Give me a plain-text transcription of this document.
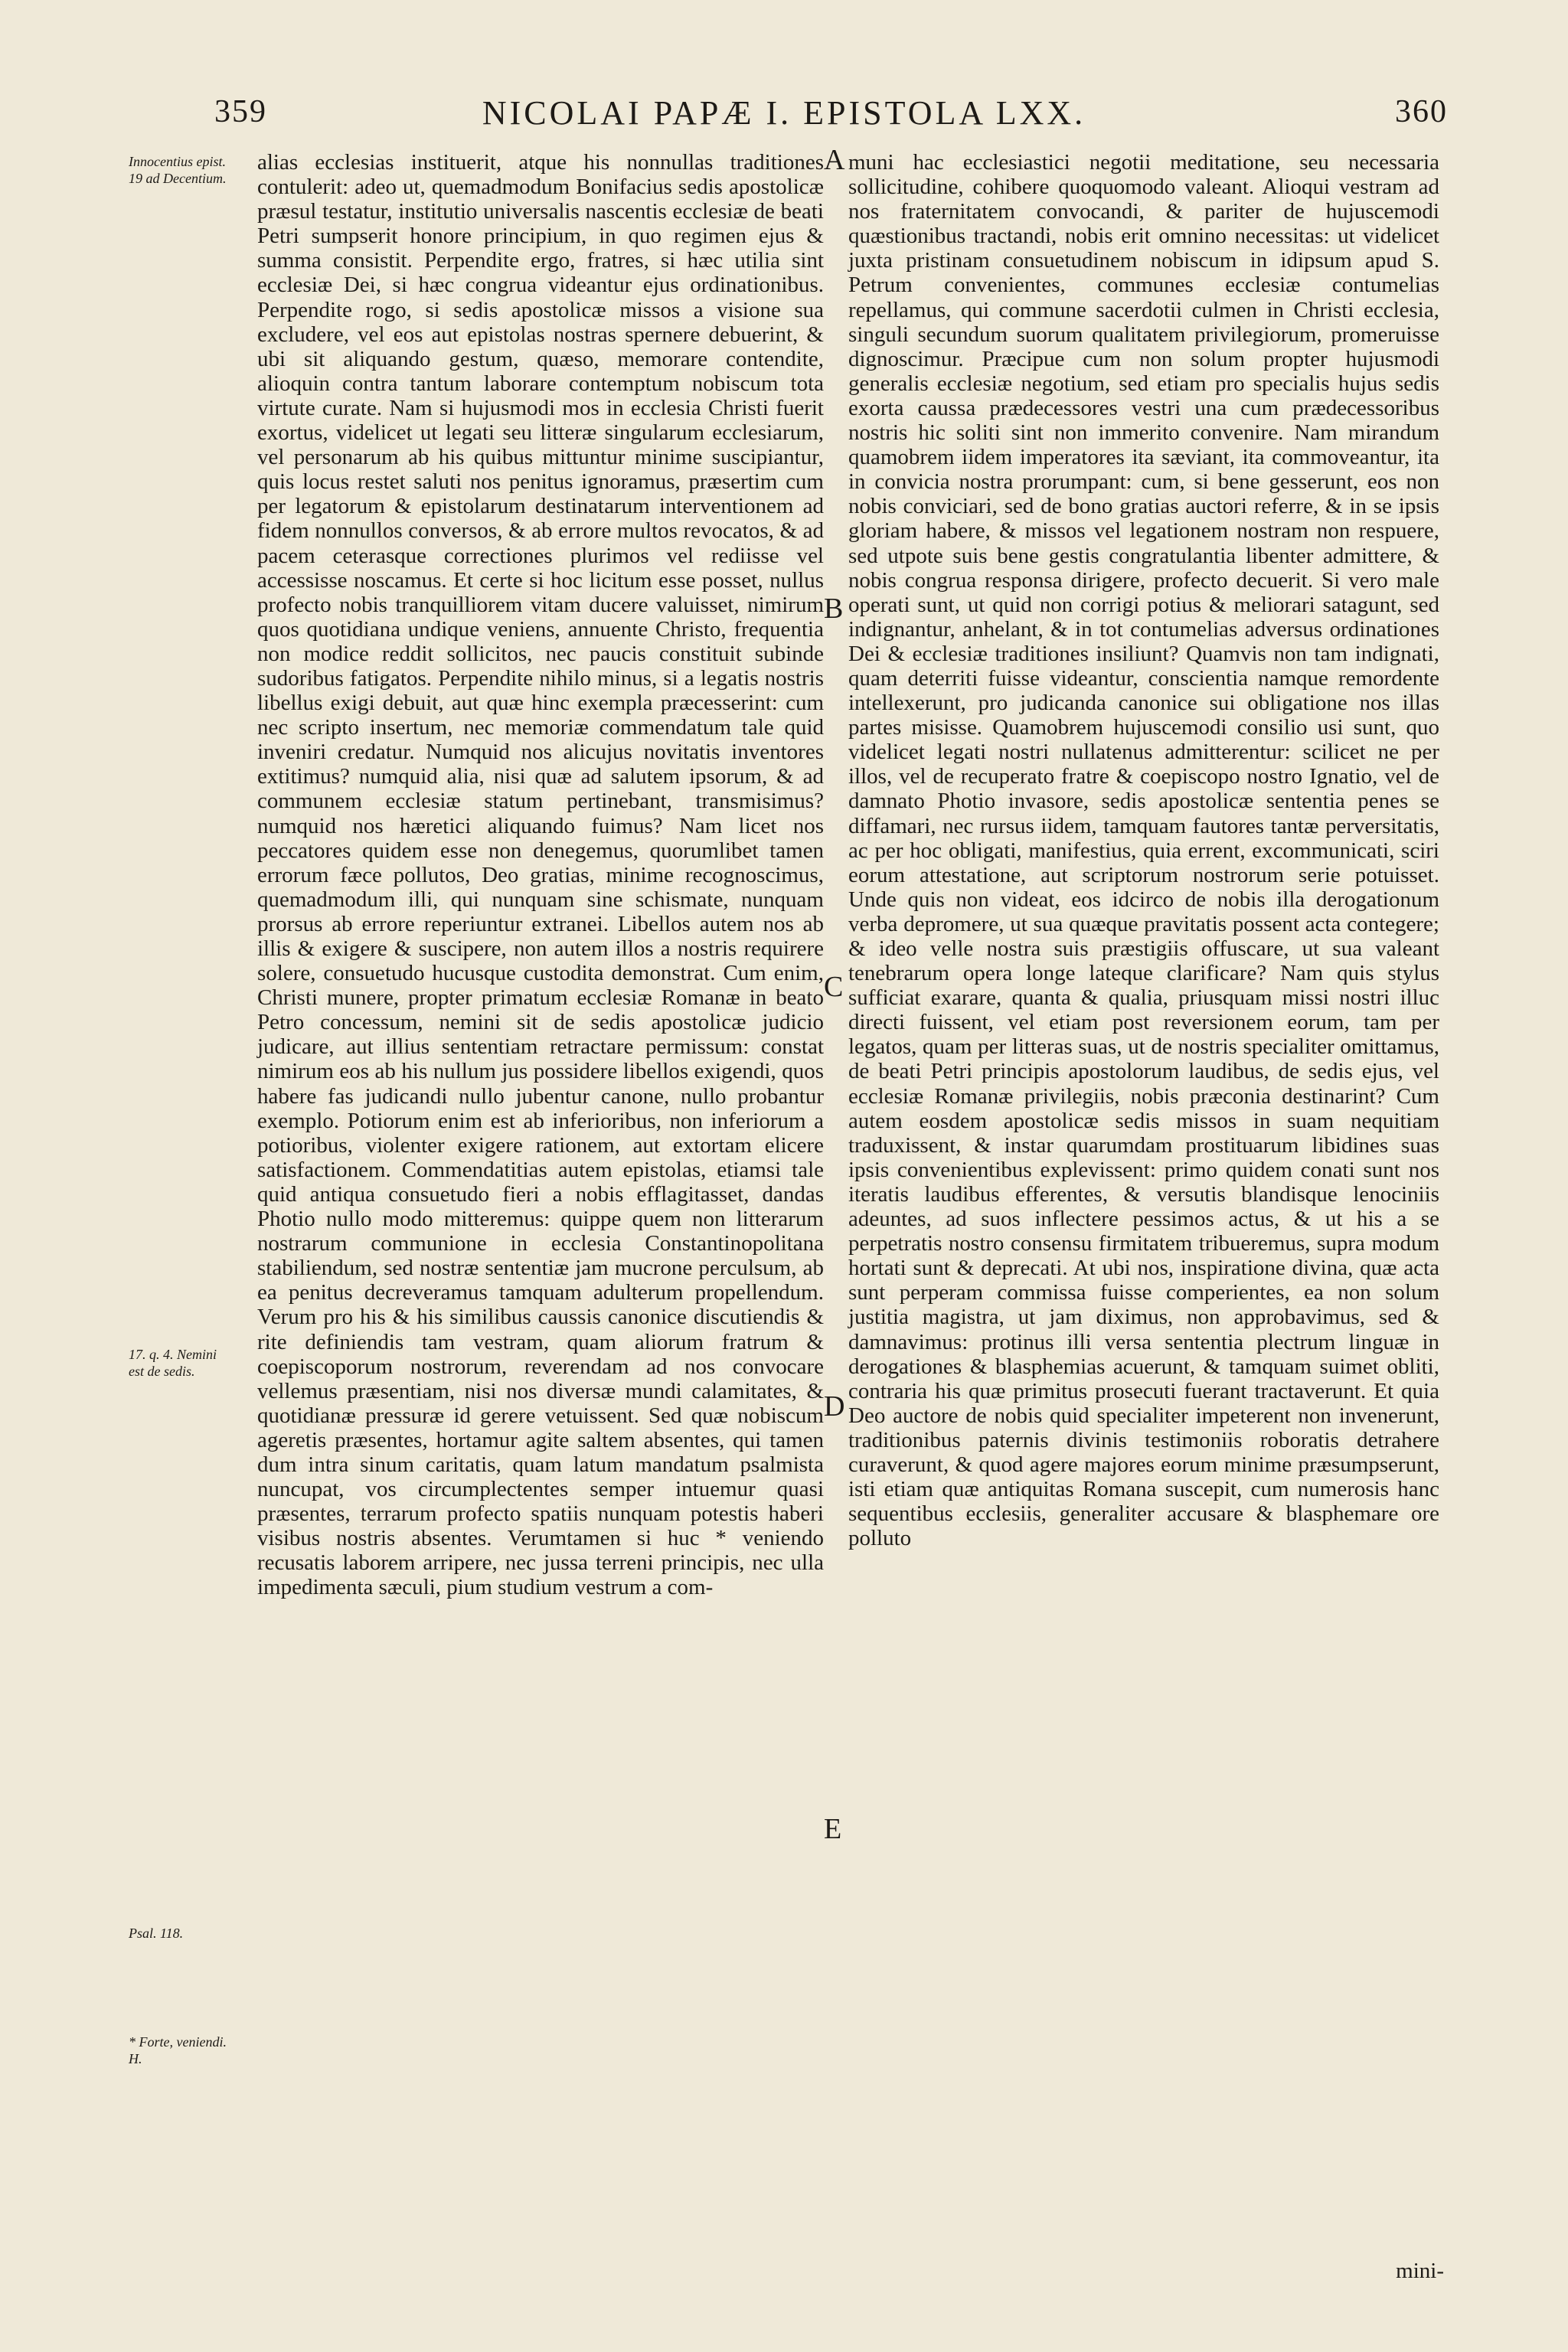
359	NICOLAI PAPÆ I. EPISTOLA LXX.	360
Innocentius epist. 19 ad Decentium.
17. q. 4. Nemini est de sedis.
Psal. 118.
* Forte, veniendi. H.

alias ecclesias instituerit, atque his nonnullas traditiones contulerit: adeo ut, quemadmodum Bonifacius sedis apostolicæ præsul testatur, institutio universalis nascentis ecclesiæ de beati Petri sumpserit honore principium, in quo regimen ejus & summa consistit. Perpendite ergo, fratres, si hæc utilia sint ecclesiæ Dei, si hæc congrua videantur ejus ordinationibus. Perpendite rogo, si sedis apostolicæ missos a visione sua excludere, vel eos aut epistolas nostras spernere debuerint, & ubi sit aliquando gestum, quæso, memorare contendite, alioquin contra tantum laborare contemptum nobiscum tota virtute curate. Nam si hujusmodi mos in ecclesia Christi fuerit exortus, videlicet ut legati seu litteræ singularum ecclesiarum, vel personarum ab his quibus mittuntur minime suscipiantur, quis locus restet saluti nos penitus ignoramus, præsertim cum per legatorum & epistolarum destinatarum interventionem ad fidem nonnullos conversos, & ab errore multos revocatos, & ad pacem ceterasque correctiones plurimos vel rediisse vel accessisse noscamus. Et certe si hoc licitum esse posset, nullus profecto nobis tranquilliorem vitam ducere valuisset, nimirum quos quotidiana undique veniens, annuente Christo, frequentia non modice reddit sollicitos, nec paucis constituit subinde sudoribus fatigatos. Perpendite nihilo minus, si a legatis nostris libellus exigi debuit, aut quæ hinc exempla præcesserint: cum nec scripto insertum, nec memoriæ commendatum tale quid inveniri credatur. Numquid nos alicujus novitatis inventores extitimus? numquid alia, nisi quæ ad salutem ipsorum, & ad communem ecclesiæ statum pertinebant, transmisimus? numquid nos hæretici aliquando fuimus? Nam licet nos peccatores quidem esse non denegemus, quorumlibet tamen errorum fæce pollutos, Deo gratias, minime recognoscimus, quemadmodum illi, qui nunquam sine schismate, nunquam prorsus ab errore reperiuntur extranei. Libellos autem nos ab illis & exigere & suscipere, non autem illos a nostris requirere solere, consuetudo hucusque custodita demonstrat. Cum enim, Christi munere, propter primatum ecclesiæ Romanæ in beato Petro concessum, nemini sit de sedis apostolicæ judicio judicare, aut illius sententiam retractare permissum: constat nimirum eos ab his nullum jus possidere libellos exigendi, quos habere fas judicandi nullo jubentur canone, nullo probantur exemplo. Potiorum enim est ab inferioribus, non inferiorum a potioribus, violenter exigere rationem, aut extortam elicere satisfactionem. Commendatitias autem epistolas, etiamsi tale quid antiqua consuetudo fieri a nobis efflagitasset, dandas Photio nullo modo mitteremus: quippe quem non litterarum nostrarum communione in ecclesia Constantinopolitana stabiliendum, sed nostræ sententiæ jam mucrone perculsum, ab ea penitus decreveramus tamquam adulterum propellendum. Verum pro his & his similibus caussis canonice discutiendis & rite definiendis tam vestram, quam aliorum fratrum & coepiscoporum nostrorum, reverendam ad nos convocare vellemus præsentiam, nisi nos diversæ mundi calamitates, & quotidianæ pressuræ id gerere vetuissent. Sed quæ nobiscum ageretis præsentes, hortamur agite saltem absentes, qui tamen dum intra sinum caritatis, quam latum mandatum psalmista nuncupat, vos circumplectentes semper intuemur quasi præsentes, terrarum profecto spatiis nunquam potestis haberi visibus nostris absentes. Verumtamen si huc * veniendo recusatis laborem arripere, nec jussa terreni principis, nec ulla impedimenta sæculi, pium studium vestrum a com-

A
B
C
D
E

muni hac ecclesiastici negotii meditatione, seu necessaria sollicitudine, cohibere quoquomodo valeant. Alioqui vestram ad nos fraternitatem convocandi, & pariter de hujuscemodi quæstionibus tractandi, nobis erit omnino necessitas: ut videlicet juxta pristinam consuetudinem nobiscum in idipsum apud S. Petrum convenientes, communes ecclesiæ contumelias repellamus, qui commune sacerdotii culmen in Christi ecclesia, singuli secundum suorum qualitatem privilegiorum, promeruisse dignoscimur. Præcipue cum non solum propter hujusmodi generalis ecclesiæ negotium, sed etiam pro specialis hujus sedis exorta caussa prædecessores vestri una cum prædecessoribus nostris hic soliti sint non immerito convenire. Nam mirandum quamobrem iidem imperatores ita sæviant, ita commoveantur, ita in convicia nostra prorumpant: cum, si bene gesserunt, eos non nobis conviciari, sed de bono gratias auctori referre, & in se ipsis gloriam habere, & missos vel legationem nostram non respuere, sed utpote suis bene gestis congratulantia libenter admittere, & nobis congrua responsa dirigere, profecto decuerit. Si vero male operati sunt, ut quid non corrigi potius & meliorari satagunt, sed indignantur, anhelant, & in tot contumelias adversus ordinationes Dei & ecclesiæ traditiones insiliunt? Quamvis non tam indignati, quam deterriti fuisse videantur, conscientia namque remordente intellexerunt, pro judicanda canonice sui obligatione nos illas partes misisse. Quamobrem hujuscemodi consilio usi sunt, quo videlicet legati nostri nullatenus admitterentur: scilicet ne per illos, vel de recuperato fratre & coepiscopo nostro Ignatio, vel de damnato Photio invasore, sedis apostolicæ sententia penes se diffamari, nec rursus iidem, tamquam fautores tantæ perversitatis, ac per hoc obligati, manifestius, quia errent, excommunicati, sciri eorum attestatione, aut scriptorum nostrorum serie potuisset. Unde quis non videat, eos idcirco de nobis illa derogationum verba depromere, ut sua quæque pravitatis possent acta contegere; & ideo velle nostra suis præstigiis offuscare, ut sua valeant tenebrarum opera longe lateque clarificare? Nam quis stylus sufficiat exarare, quanta & qualia, priusquam missi nostri illuc directi fuissent, vel etiam post reversionem eorum, tam per legatos, quam per litteras suas, ut de nostris specialiter omittamus, de beati Petri principis apostolorum laudibus, de sedis ejus, vel ecclesiæ Romanæ privilegiis, nobis præconia destinarint? Cum autem eosdem apostolicæ sedis missos in suam nequitiam traduxissent, & instar quarumdam prostituarum libidines suas ipsis convenientibus explevissent: primo quidem conati sunt nos iteratis laudibus efferentes, & versutis blandisque lenociniis adeuntes, ad suos inflectere pessimos actus, & ut his a se perpetratis nostro consensu firmitatem tribueremus, supra modum hortati sunt & deprecati. At ubi nos, inspiratione divina, quæ acta sunt perperam commissa fuisse comperientes, ea non solum justitia magistra, ut jam diximus, non approbavimus, sed & damnavimus: protinus illi versa sententia plectrum linguæ in derogationes & blasphemias acuerunt, & tamquam suimet obliti, contraria his quæ primitus prosecuti fuerant tractaverunt. Et quia Deo auctore de nobis quid specialiter impeterent non invenerunt, traditionibus paternis divinis testimoniis roboratis detrahere curaverunt, & quod agere majores eorum minime præsumpserunt, isti etiam quæ antiquitas Romana suscepit, cum numerosis hanc sequentibus ecclesiis, generaliter accusare & blasphemare ore polluto

mini-
